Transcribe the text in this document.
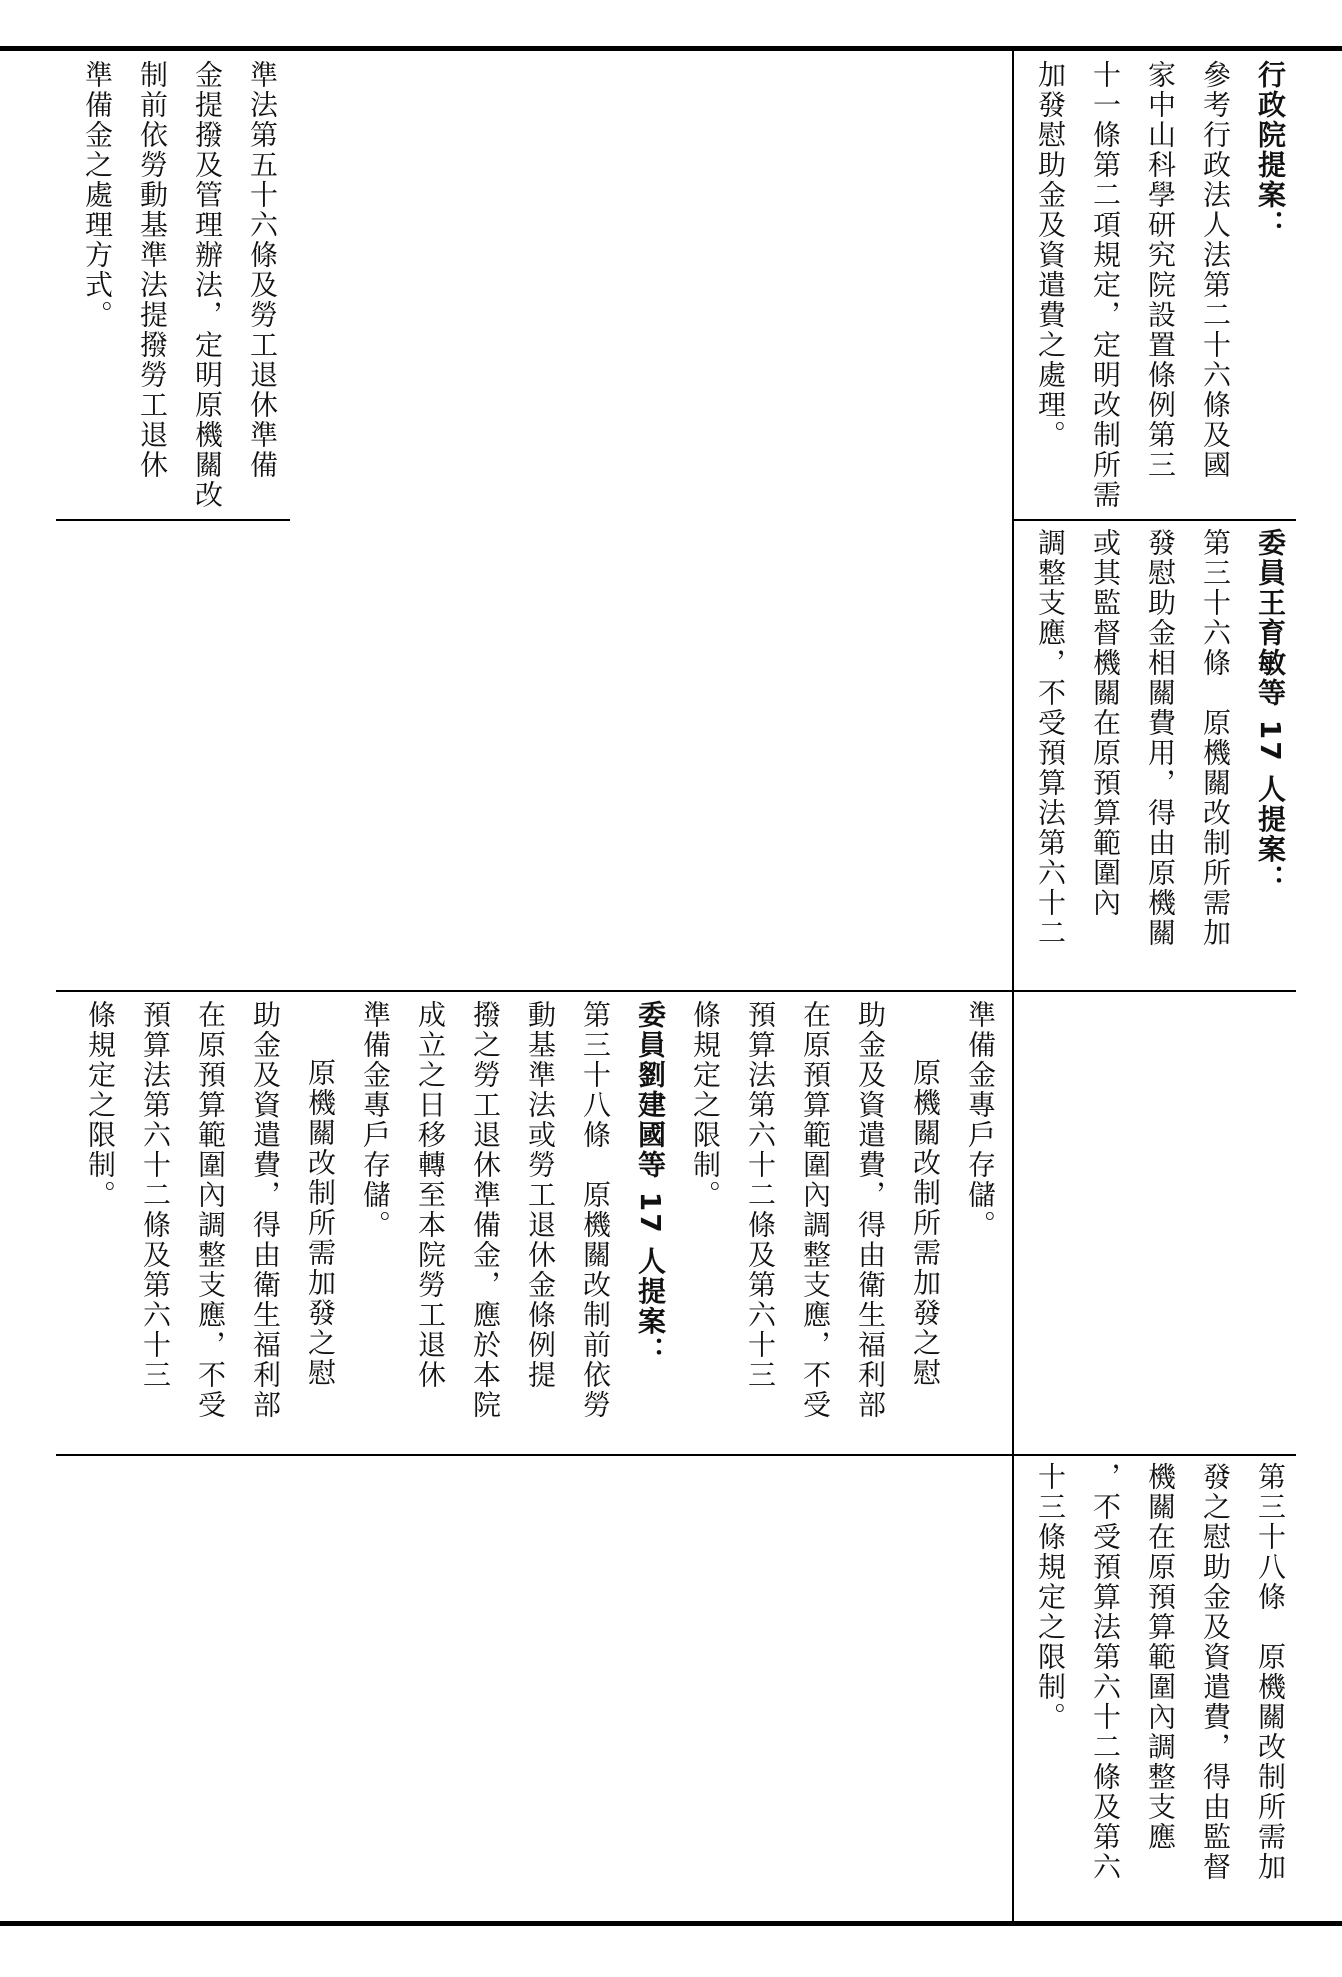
行政院提案：

參考行政法人法第二十六條及國

家中山科學研究院設置條例第三

十一條第二項規定，定明改制所需

加發慰助金及資遣費之處理。

準法第五十六條及勞工退休準備

金提撥及管理辦法，定明原機關改

制前依勞動基準法提撥勞工退休

準備金之處理方式。

委員王育敏等 17 人提案：

第三十六條　原機關改制所需加

發慰助金相關費用，得由原機關

或其監督機關在原預算範圍內

調整支應，不受預算法第六十二

準備金專戶存儲。

原機關改制所需加發之慰

助金及資遣費，得由衛生福利部

在原預算範圍內調整支應，不受

預算法第六十二條及第六十三

條規定之限制。

委員劉建國等 17 人提案：

第三十八條　原機關改制前依勞

動基準法或勞工退休金條例提

撥之勞工退休準備金，應於本院

成立之日移轉至本院勞工退休

準備金專戶存儲。

原機關改制所需加發之慰

助金及資遣費，得由衛生福利部

在原預算範圍內調整支應，不受

預算法第六十二條及第六十三

條規定之限制。

第三十八條　原機關改制所需加

發之慰助金及資遣費，得由監督

機關在原預算範圍內調整支應

，不受預算法第六十二條及第六

十三條規定之限制。
